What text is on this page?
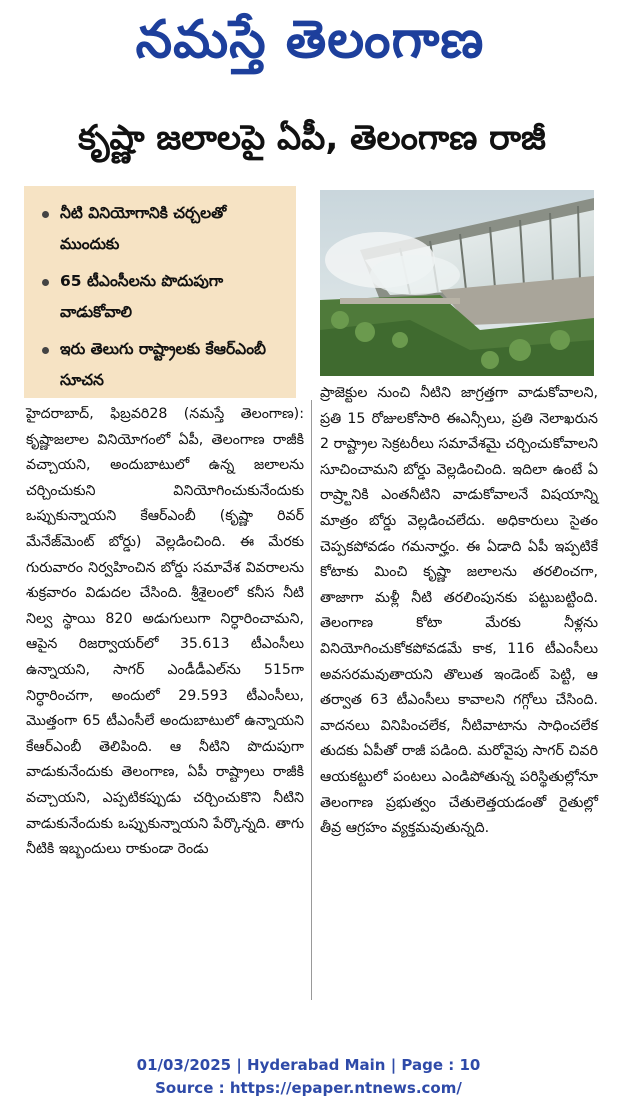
నమస్తే తెలంగాణ
కృష్ణా జలాలపై ఏపీ, తెలంగాణ రాజీ
నీటి వినియోగానికి చర్చలతో ముందుకు
65 టీఎంసీలను పొదుపుగా వాడుకోవాలి
ఇరు తెలుగు రాష్ట్రాలకు కేఆర్ఎంబీ సూచన
హైదరాబాద్, ఫిబ్రవరి28 (నమస్తే తెలంగాణ): కృష్ణాజలాల వినియోగంలో ఏపీ, తెలంగాణ రాజీకి వచ్చాయని, అందుబాటులో ఉన్న జలాలను చర్చించుకుని వినియోగించుకునేందుకు ఒప్పుకున్నాయని కేఆర్ఎంబీ (కృష్ణా రివర్ మేనేజ్‌మెంట్ బోర్డు) వెల్లడించింది. ఈ మేరకు గురువారం నిర్వహించిన బోర్డు సమావేశ వివరాలను శుక్రవారం విడుదల చేసింది. శ్రీశైలంలో కనీస నీటి నిల్వ స్థాయి 820 అడుగులుగా నిర్ధారించామని, ఆపైన రిజర్వాయర్‌లో 35.613 టీఎంసీలు ఉన్నాయని, సాగర్ ఎండీడీఎల్‌ను 515గా నిర్ధారించగా, అందులో 29.593 టీఎంసీలు, మొత్తంగా 65 టీఎంసీలే అందుబాటులో ఉన్నాయని కేఆర్ఎంబీ తెలిపింది. ఆ నీటిని పొదుపుగా వాడుకునేందుకు తెలంగాణ, ఏపీ రాష్ట్రాలు రాజీకి వచ్చాయని, ఎప్పటికప్పుడు చర్చించుకొని నీటిని వాడుకునేందుకు ఒప్పుకున్నాయని పేర్కొన్నది. తాగు నీటికి ఇబ్బందులు రాకుండా రెండు
ప్రాజెక్టుల నుంచి నీటిని జాగ్రత్తగా వాడుకోవాలని, ప్రతి 15 రోజులకోసారి ఈఎన్సీలు, ప్రతి నెలాఖరున 2 రాష్ట్రాల సెక్రటరీలు సమావేశమై చర్చించుకోవాలని సూచించామని బోర్డు వెల్లడించింది. ఇదిలా ఉంటే ఏ రాష్ర్టానికి ఎంతనీటిని వాడుకోవాలనే విషయాన్ని మాత్రం బోర్డు వెల్లడించలేదు. అధికారులు సైతం చెప్పకపోవడం గమనార్హం. ఈ ఏడాది ఏపీ ఇప్పటికే కోటాకు మించి కృష్ణా జలాలను తరలించగా, తాజాగా మళ్లీ నీటి తరలింపునకు పట్టుబట్టింది. తెలంగాణ కోటా మేరకు నీళ్లను వినియోగించుకోకపోవడమే కాక, 116 టీఎంసీలు అవసరమవుతాయని తొలుత ఇండెంట్ పెట్టి, ఆ తర్వాత 63 టీఎంసీలు కావాలని గగ్గోలు చేసింది. వాదనలు వినిపించలేక, నీటివాటాను సాధించలేక తుదకు ఏపీతో రాజీ పడింది. మరోవైపు సాగర్ చివరి ఆయకట్టులో పంటలు ఎండిపోతున్న పరిస్థితుల్లోనూ తెలంగాణ ప్రభుత్వం చేతులెత్తయడంతో రైతుల్లో తీవ్ర ఆగ్రహం వ్యక్తమవుతున్నది.
01/03/2025 | Hyderabad Main | Page : 10
Source : https://epaper.ntnews.com/
